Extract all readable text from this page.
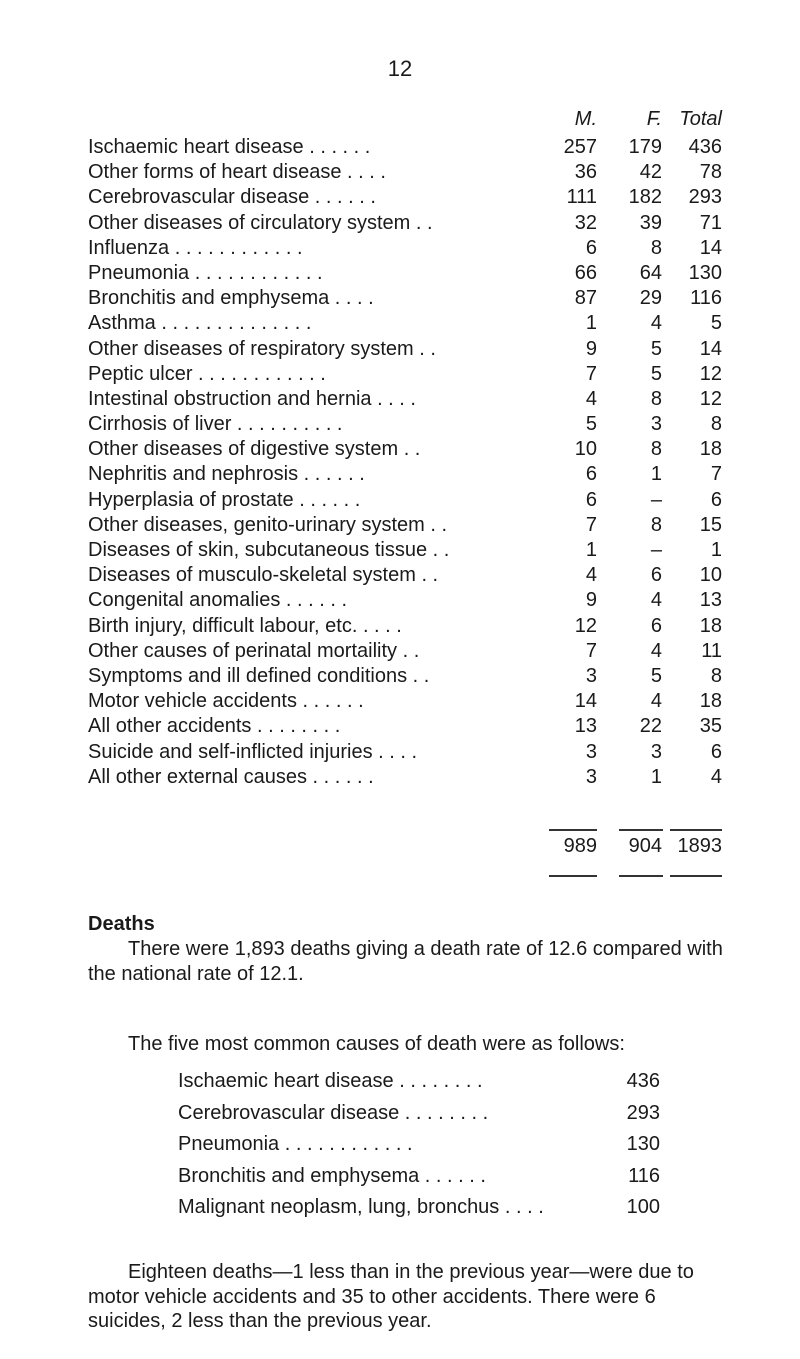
12
M.	F. Total
Ischaemic heart disease . . . . . .	257	179	436
Other forms of heart disease . . . .	36	42	78
Cerebrovascular disease . . . . . .	111	182	293
Other diseases of circulatory system . .	32	39	71
Influenza . . . . . . . . . . . .	6	8	14
Pneumonia . . . . . . . . . . . .	66	64	130
Bronchitis and emphysema . . . .	87	29	116
Asthma . . . . . . . . . . . . . .	1	4	5
Other diseases of respiratory system . .	9	5	14
Peptic ulcer . . . . . . . . . . . .	7	5	12
Intestinal obstruction and hernia . . . .	4	8	12
Cirrhosis of liver . . . . . . . . . .	5	3	8
Other diseases of digestive system . .	10	8	18
Nephritis and nephrosis . . . . . .	6	1	7
Hyperplasia of prostate . . . . . .	6	–	6
Other diseases, genito-urinary system . .	7	8	15
Diseases of skin, subcutaneous tissue . .	1	–	1
Diseases of musculo-skeletal system . .	4	6	10
Congenital anomalies . . . . . .	9	4	13
Birth injury, difficult labour, etc. . . . .	12	6	18
Other causes of perinatal mortaility . .	7	4	11
Symptoms and ill defined conditions . .	3	5	8
Motor vehicle accidents . . . . . .	14	4	18
All other accidents . . . . . . . .	13	22	35
Suicide and self-inflicted injuries . . . .	3	3	6
All other external causes . . . . . .	3	1	4
989	904 1893
Deaths
There were 1,893 deaths giving a death rate of 12.6 compared with the national rate of 12.1.
The five most common causes of death were as follows:
Ischaemic heart disease . . . . . . . .	436
Cerebrovascular disease . . . . . . . .	293
Pneumonia . . . . . . . . . . . .	130
Bronchitis and emphysema . . . . . .	116
Malignant neoplasm, lung, bronchus . . . .	100
Eighteen deaths—1 less than in the previous year—were due to motor vehicle accidents and 35 to other accidents. There were 6 suicides, 2 less than the previous year.
